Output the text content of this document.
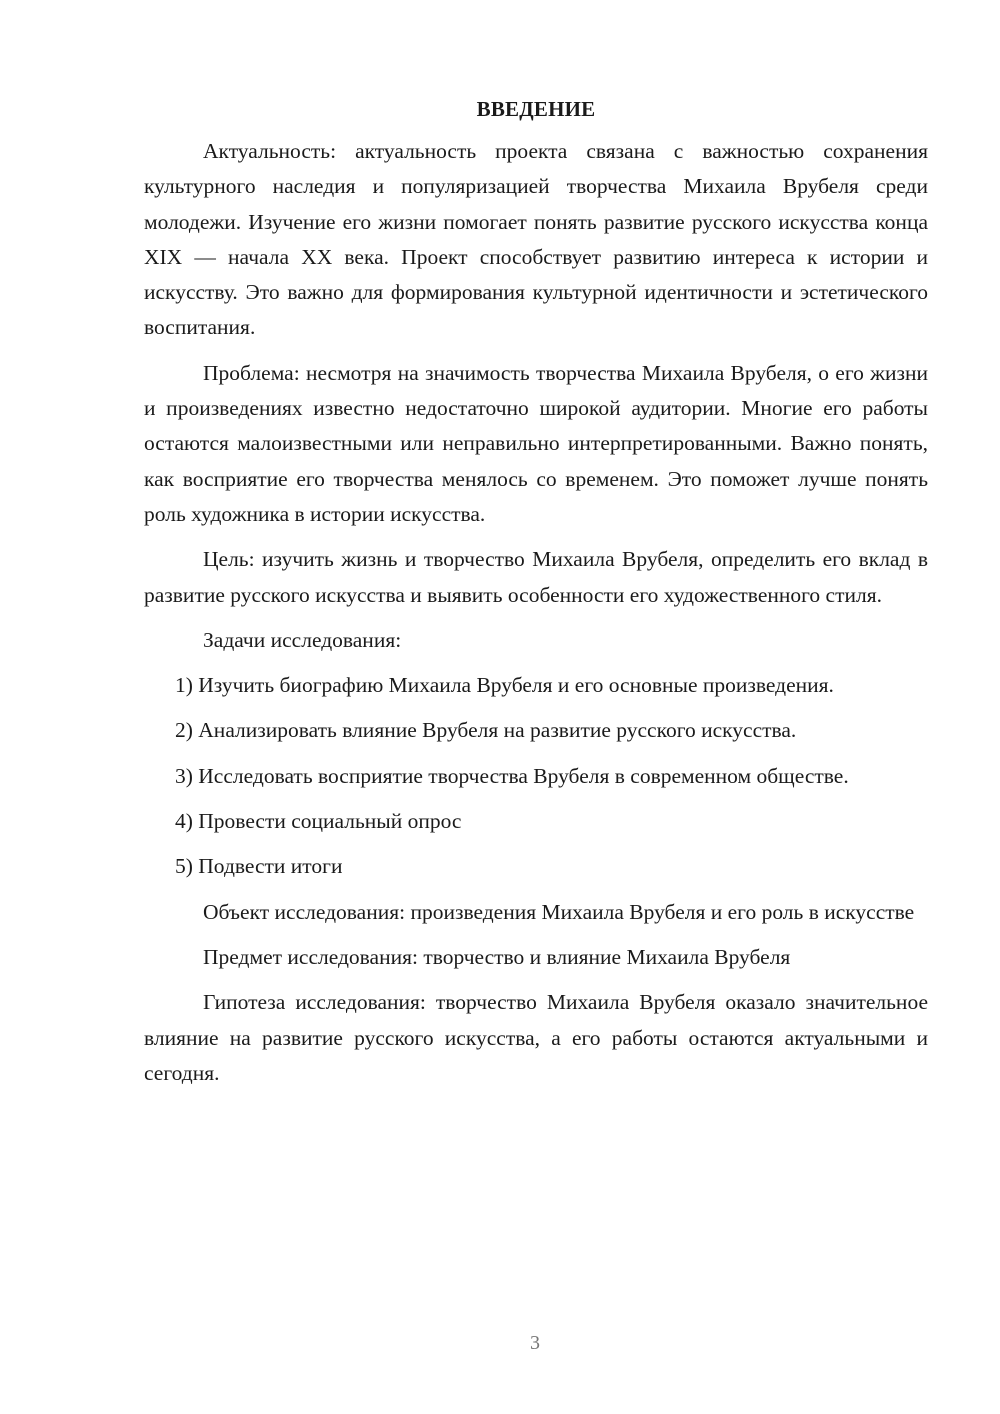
ВВЕДЕНИЕ

Актуальность: актуальность проекта связана с важностью сохранения культурного наследия и популяризацией творчества Михаила Врубеля среди молодежи. Изучение его жизни помогает понять развитие русского искусства конца XIX — начала XX века. Проект способствует развитию интереса к истории и искусству. Это важно для формирования культурной идентичности и эстетического воспитания.

Проблема: несмотря на значимость творчества Михаила Врубеля, о его жизни и произведениях известно недостаточно широкой аудитории. Многие его работы остаются малоизвестными или неправильно интерпретированными. Важно понять, как восприятие его творчества менялось со временем. Это поможет лучше понять роль художника в истории искусства.

Цель: изучить жизнь и творчество Михаила Врубеля, определить его вклад в развитие русского искусства и выявить особенности его художественного стиля.

Задачи исследования:

1) Изучить биографию Михаила Врубеля и его основные произведения.

2) Анализировать влияние Врубеля на развитие русского искусства.

3) Исследовать восприятие творчества Врубеля в современном обществе.

4) Провести социальный опрос

5) Подвести итоги

Объект исследования: произведения Михаила Врубеля и его роль в искусстве

Предмет исследования: творчество и влияние Михаила Врубеля

Гипотеза исследования: творчество Михаила Врубеля оказало значительное влияние на развитие русского искусства, а его работы остаются актуальными и сегодня.

3
